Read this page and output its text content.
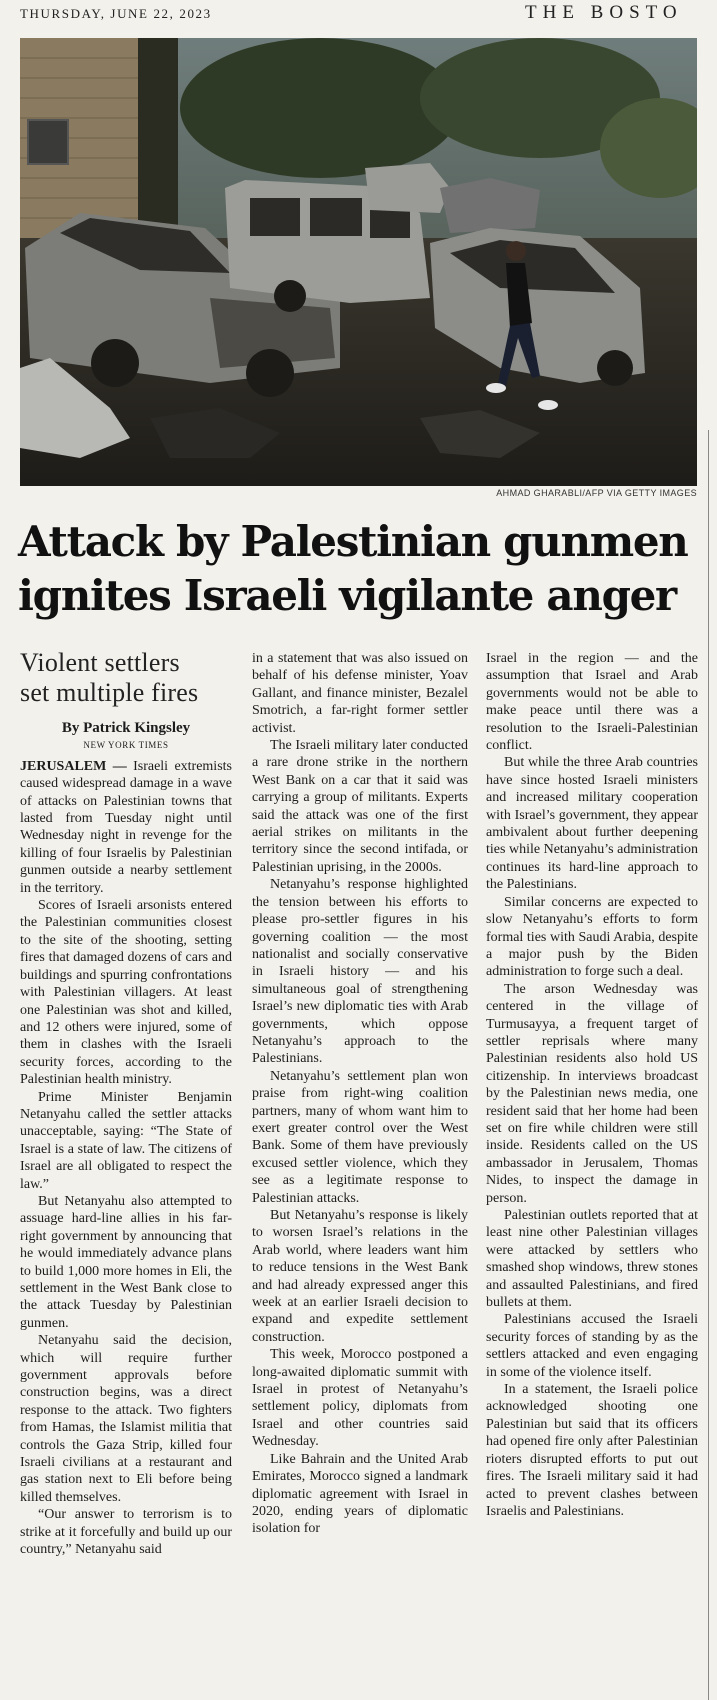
THURSDAY, JUNE 22, 2023	THE BOSTO
AHMAD GHARABLI/AFP VIA GETTY IMAGES
Attack by Palestinian gunmen
ignites Israeli vigilante anger
Violent settlers
set multiple fires
By Patrick Kingsley
NEW YORK TIMES

JERUSALEM — Israeli extremists caused widespread damage in a wave of attacks on Palestinian towns that lasted from Tuesday night until Wednesday night in revenge for the killing of four Israelis by Palestinian gunmen outside a nearby settlement in the territory.

Scores of Israeli arsonists entered the Palestinian communities closest to the site of the shooting, setting fires that damaged dozens of cars and buildings and spurring confrontations with Palestinian villagers. At least one Palestinian was shot and killed, and 12 others were injured, some of them in clashes with the Israeli security forces, according to the Palestinian health ministry.

Prime Minister Benjamin Netanyahu called the settler attacks unacceptable, saying: “The State of Israel is a state of law. The citizens of Israel are all obligated to respect the law.”

But Netanyahu also attempted to assuage hard-line allies in his far-right government by announcing that he would immediately advance plans to build 1,000 more homes in Eli, the settlement in the West Bank close to the attack Tuesday by Palestinian gunmen.

Netanyahu said the decision, which will require further government approvals before construction begins, was a direct response to the attack. Two fighters from Hamas, the Islamist militia that controls the Gaza Strip, killed four Israeli civilians at a restaurant and gas station next to Eli before being killed themselves.

“Our answer to terrorism is to strike at it forcefully and build up our country,” Netanyahu said

in a statement that was also issued on behalf of his defense minister, Yoav Gallant, and finance minister, Bezalel Smotrich, a far-right former settler activist.

The Israeli military later conducted a rare drone strike in the northern West Bank on a car that it said was carrying a group of militants. Experts said the attack was one of the first aerial strikes on militants in the territory since the second intifada, or Palestinian uprising, in the 2000s.

Netanyahu’s response highlighted the tension between his efforts to please pro-settler figures in his governing coalition — the most nationalist and socially conservative in Israeli history — and his simultaneous goal of strengthening Israel’s new diplomatic ties with Arab governments, which oppose Netanyahu’s approach to the Palestinians.

Netanyahu’s settlement plan won praise from right-wing coalition partners, many of whom want him to exert greater control over the West Bank. Some of them have previously excused settler violence, which they see as a legitimate response to Palestinian attacks.

But Netanyahu’s response is likely to worsen Israel’s relations in the Arab world, where leaders want him to reduce tensions in the West Bank and had already expressed anger this week at an earlier Israeli decision to expand and expedite settlement construction.

This week, Morocco postponed a long-awaited diplomatic summit with Israel in protest of Netanyahu’s settlement policy, diplomats from Israel and other countries said Wednesday.

Like Bahrain and the United Arab Emirates, Morocco signed a landmark diplomatic agreement with Israel in 2020, ending years of diplomatic isolation for

Israel in the region — and the assumption that Israel and Arab governments would not be able to make peace until there was a resolution to the Israeli-Palestinian conflict.

But while the three Arab countries have since hosted Israeli ministers and increased military cooperation with Israel’s government, they appear ambivalent about further deepening ties while Netanyahu’s administration continues its hard-line approach to the Palestinians.

Similar concerns are expected to slow Netanyahu’s efforts to form formal ties with Saudi Arabia, despite a major push by the Biden administration to forge such a deal.

The arson Wednesday was centered in the village of Turmusayya, a frequent target of settler reprisals where many Palestinian residents also hold US citizenship. In interviews broadcast by the Palestinian news media, one resident said that her home had been set on fire while children were still inside. Residents called on the US ambassador in Jerusalem, Thomas Nides, to inspect the damage in person.

Palestinian outlets reported that at least nine other Palestinian villages were attacked by settlers who smashed shop windows, threw stones and assaulted Palestinians, and fired bullets at them.

Palestinians accused the Israeli security forces of standing by as the settlers attacked and even engaging in some of the violence itself.

In a statement, the Israeli police acknowledged shooting one Palestinian but said that its officers had opened fire only after Palestinian rioters disrupted efforts to put out fires. The Israeli military said it had acted to prevent clashes between Israelis and Palestinians.
